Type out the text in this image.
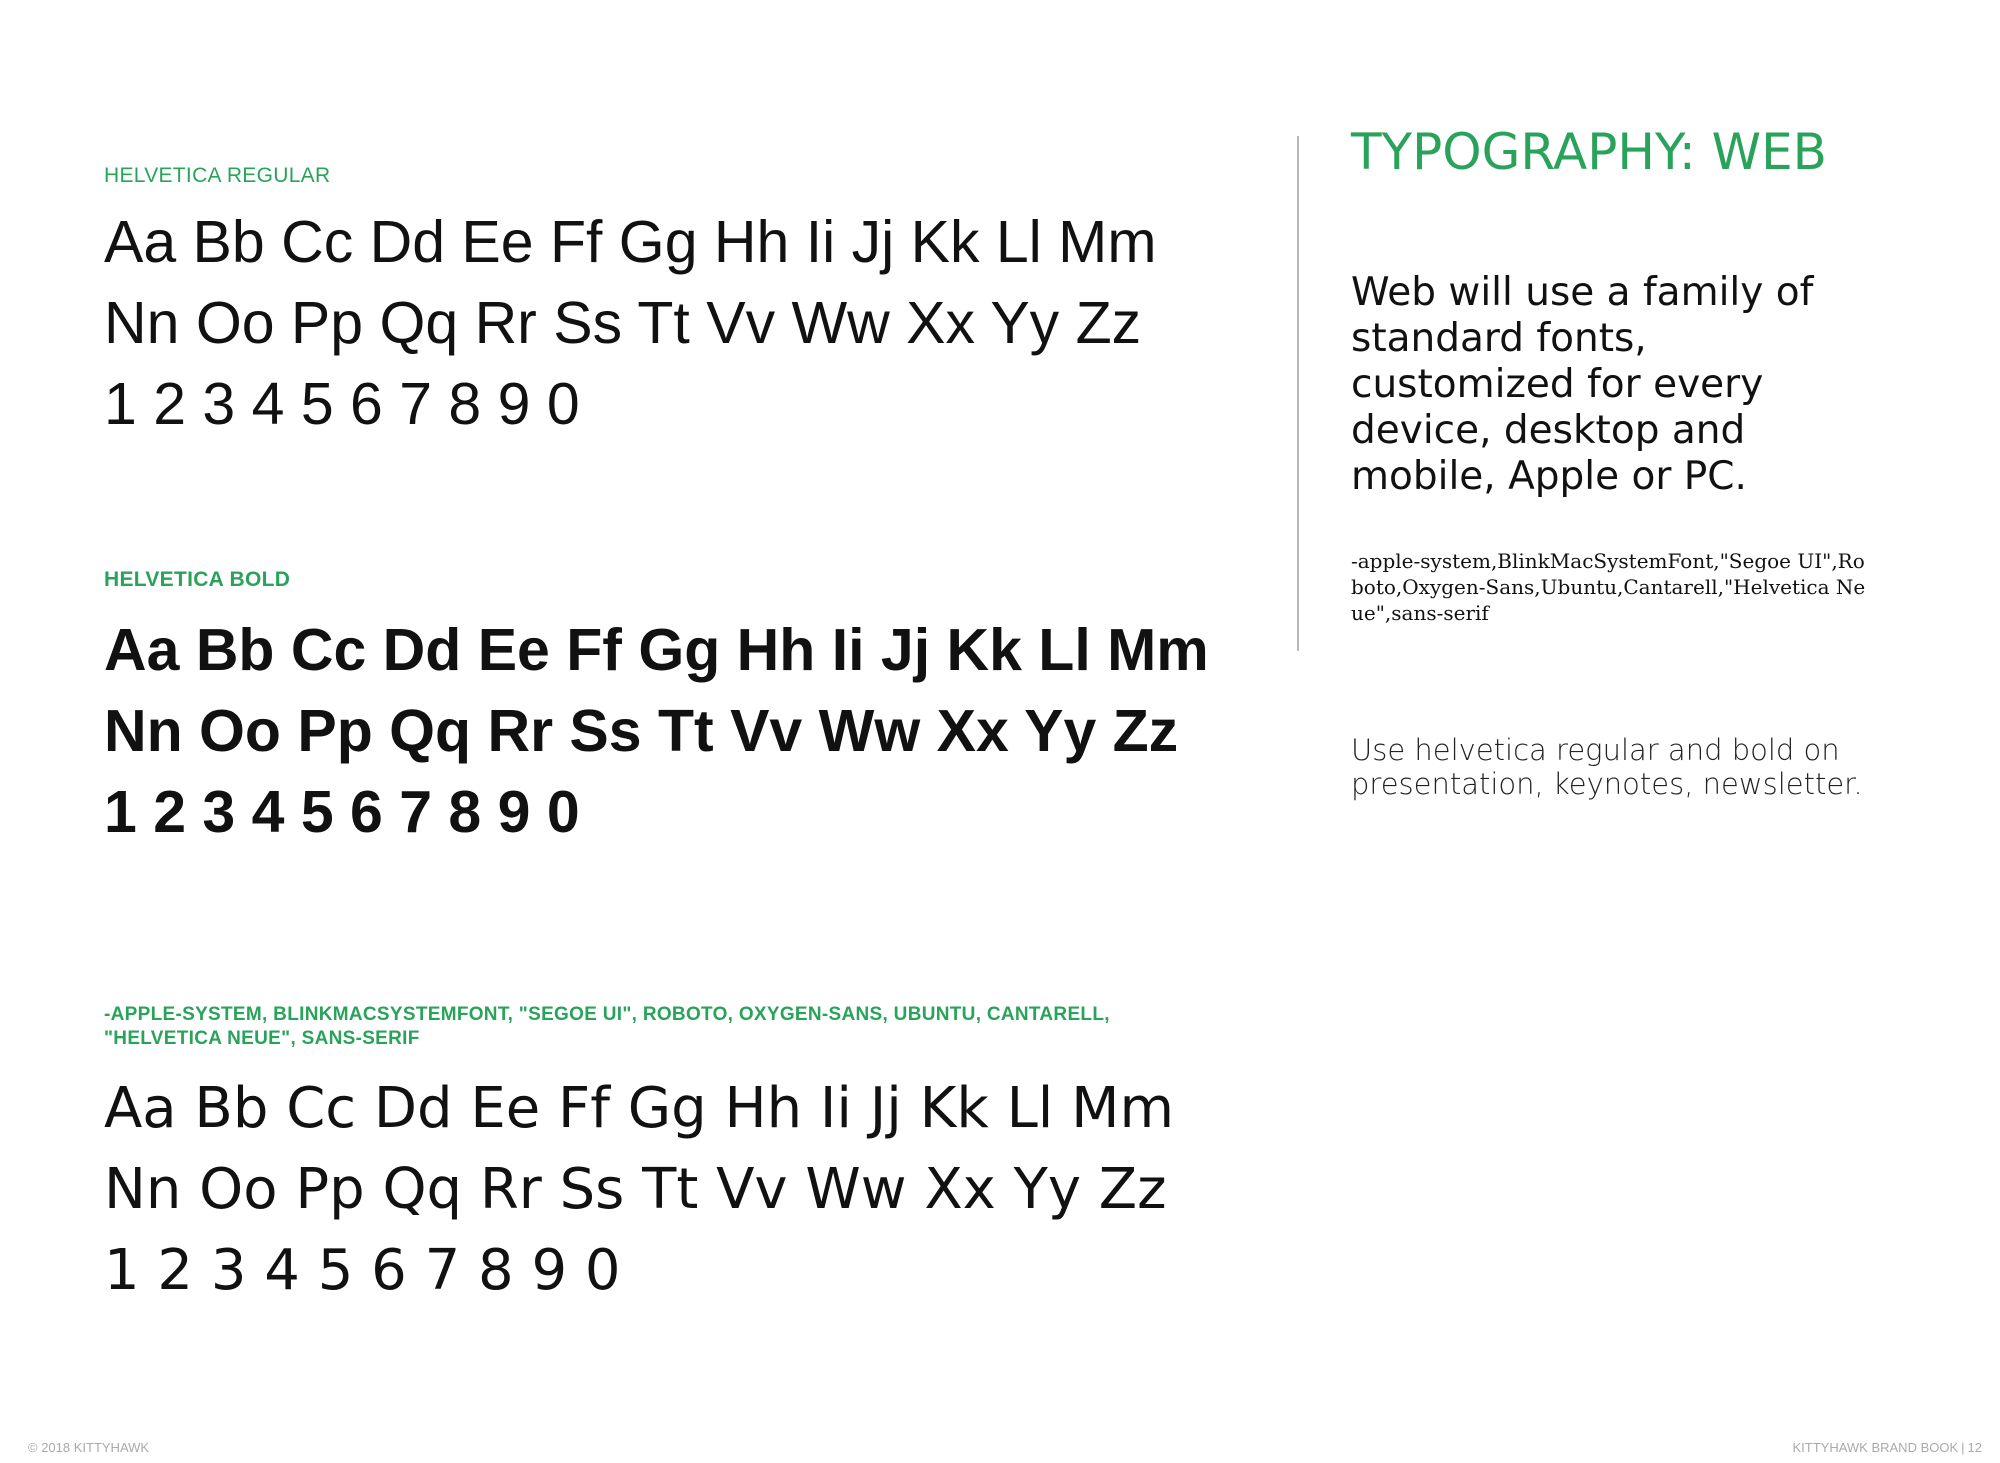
HELVETICA REGULAR
Aa Bb Cc Dd Ee Ff Gg Hh Ii Jj Kk Ll Mm
Nn Oo Pp Qq Rr Ss Tt Vv Ww Xx Yy Zz
1 2 3 4 5 6 7 8 9 0
HELVETICA BOLD
Aa Bb Cc Dd Ee Ff Gg Hh Ii Jj Kk Ll Mm
Nn Oo Pp Qq Rr Ss Tt Vv Ww Xx Yy Zz
1 2 3 4 5 6 7 8 9 0
-APPLE-SYSTEM, BLINKMACSYSTEMFONT, "SEGOE UI", ROBOTO, OXYGEN-SANS, UBUNTU, CANTARELL,
"HELVETICA NEUE", SANS-SERIF
Aa Bb Cc Dd Ee Ff Gg Hh Ii Jj Kk Ll Mm
Nn Oo Pp Qq Rr Ss Tt Vv Ww Xx Yy Zz
1 2 3 4 5 6 7 8 9 0
TYPOGRAPHY: WEB
Web will use a family of standard fonts, customized for every device, desktop and mobile, Apple or PC.
-apple-system,BlinkMacSystemFont,"Segoe UI",Roboto,Oxygen-Sans,Ubuntu,Cantarell,"Helvetica Neue",sans-serif
Use helvetica regular and bold on presentation, keynotes, newsletter.
© 2018 KITTYHAWK	KITTYHAWK BRAND BOOK | 12
